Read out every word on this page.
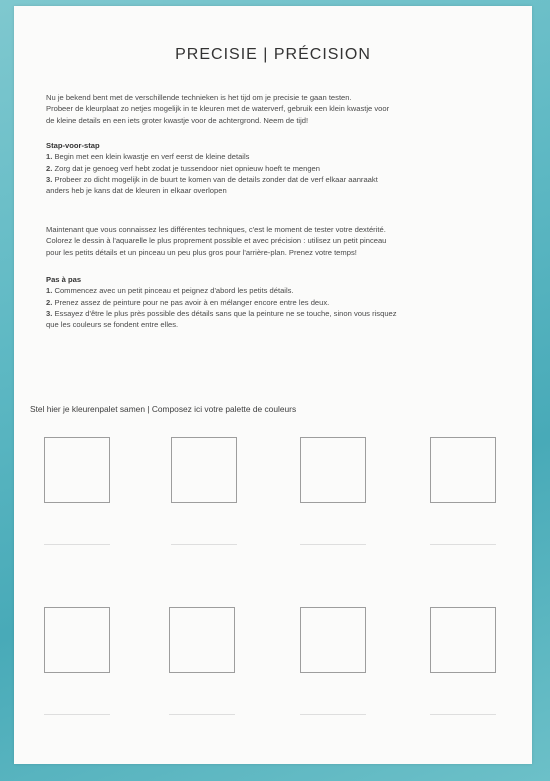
PRECISIE | PRÉCISION

Nu je bekend bent met de verschillende technieken is het tijd om je precisie te gaan testen.

Probeer de kleurplaat zo netjes mogelijk in te kleuren met de waterverf, gebruik een klein kwastje voor

de kleine details en een iets groter kwastje voor de achtergrond. Neem de tijd!

Stap-voor-stap

1. Begin met een klein kwastje en verf eerst de kleine details

2. Zorg dat je genoeg verf hebt zodat je tussendoor niet opnieuw hoeft te mengen

3. Probeer zo dicht mogelijk in de buurt te komen van de details zonder dat de verf elkaar aanraakt

anders heb je kans dat de kleuren in elkaar overlopen

Maintenant que vous connaissez les différentes techniques, c'est le moment de tester votre dextérité.

Colorez le dessin à l'aquarelle le plus proprement possible et avec précision : utilisez un petit pinceau

pour les petits détails et un pinceau un peu plus gros pour l'arrière-plan. Prenez votre temps!

Pas à pas

1. Commencez avec un petit pinceau et peignez d'abord les petits détails.

2. Prenez assez de peinture pour ne pas avoir à en mélanger encore entre les deux.

3. Essayez d'être le plus près possible des détails sans que la peinture ne se touche, sinon vous risquez

que les couleurs se fondent entre elles.

Stel hier je kleurenpalet samen | Composez ici votre palette de couleurs
